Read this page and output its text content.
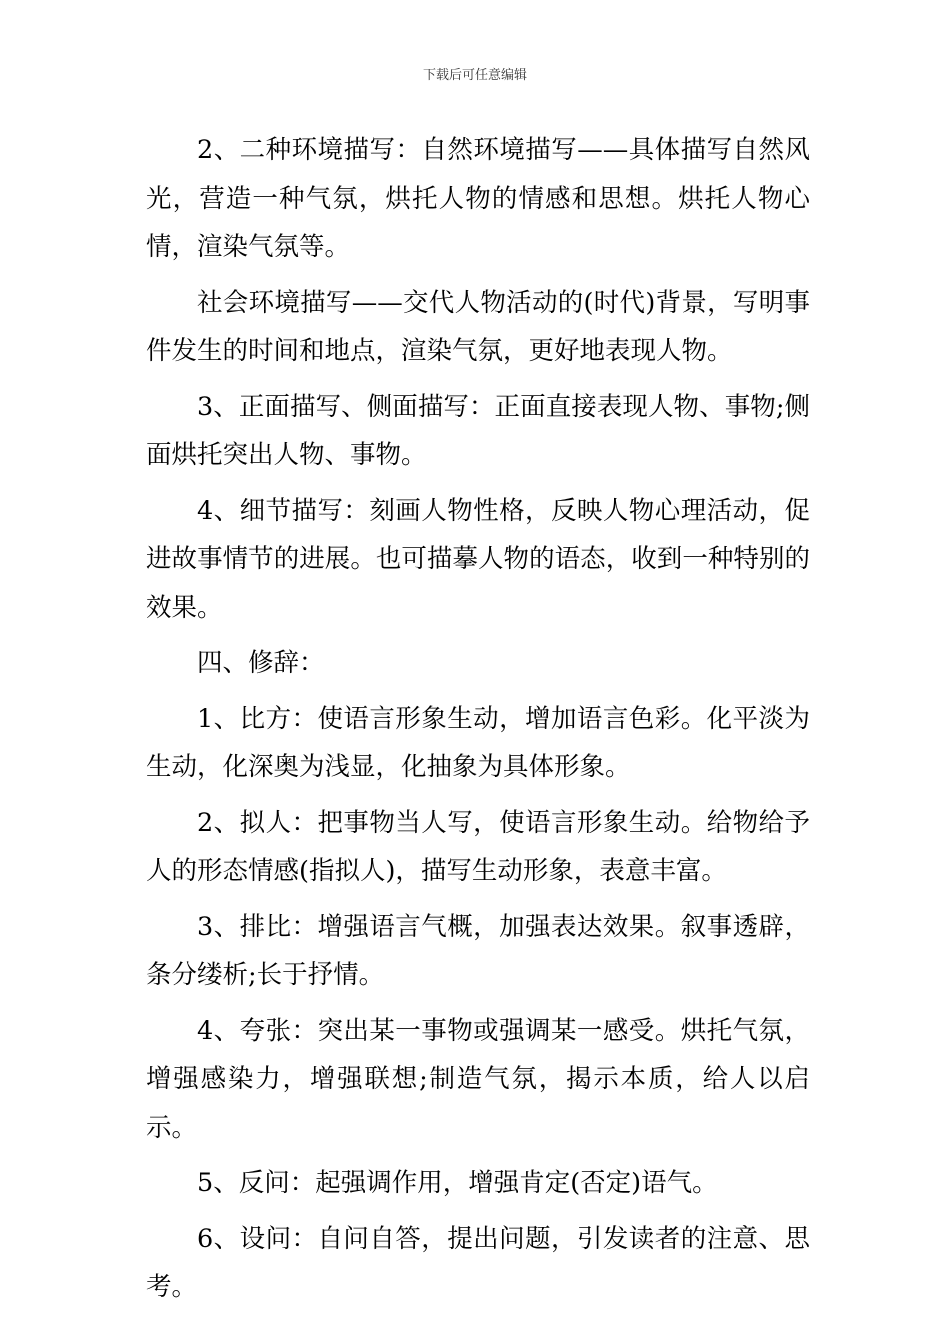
下载后可任意编辑

2、二种环境描写：自然环境描写——具体描写自然风光，营造一种气氛，烘托人物的情感和思想。烘托人物心情，渲染气氛等。

社会环境描写——交代人物活动的(时代)背景，写明事件发生的时间和地点，渲染气氛，更好地表现人物。

3、正面描写、侧面描写：正面直接表现人物、事物;侧面烘托突出人物、事物。

4、细节描写：刻画人物性格，反映人物心理活动，促进故事情节的进展。也可描摹人物的语态，收到一种特别的效果。

四、修辞：

1、比方：使语言形象生动，增加语言色彩。化平淡为生动，化深奥为浅显，化抽象为具体形象。

2、拟人：把事物当人写，使语言形象生动。给物给予人的形态情感(指拟人)，描写生动形象，表意丰富。

3、排比：增强语言气概，加强表达效果。叙事透辟，条分缕析;长于抒情。

4、夸张：突出某一事物或强调某一感受。烘托气氛，增强感染力，增强联想;制造气氛，揭示本质，给人以启示。

5、反问：起强调作用，增强肯定(否定)语气。

6、设问：自问自答，提出问题，引发读者的注意、思考。
